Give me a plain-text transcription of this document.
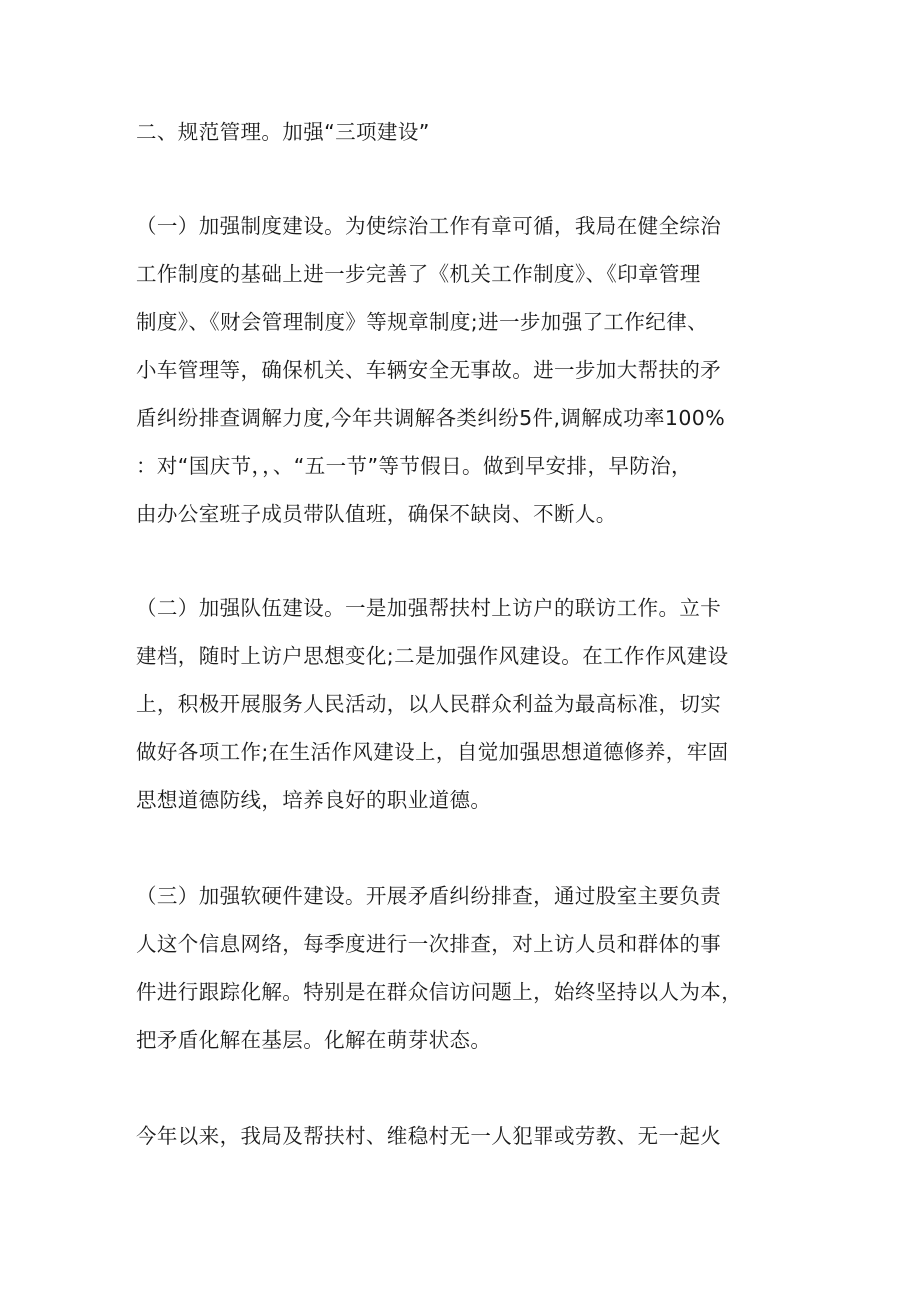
二、规范管理。加强“三项建设”
（一）加强制度建设。为使综治工作有章可循，我局在健全综治
工作制度的基础上进一步完善了《机关工作制度》、《印章管理
制度》、《财会管理制度》等规章制度;进一步加强了工作纪律、
小车管理等，确保机关、车辆安全无事故。进一步加大帮扶的矛
盾纠纷排查调解力度,今年共调解各类纠纷5件,调解成功率100%
：对“国庆节，，、“五一节”等节假日。做到早安排，早防治，
由办公室班子成员带队值班，确保不缺岗、不断人。
（二）加强队伍建设。一是加强帮扶村上访户的联访工作。立卡
建档，随时上访户思想变化;二是加强作风建设。在工作作风建设
上，积极开展服务人民活动，以人民群众利益为最高标准，切实
做好各项工作;在生活作风建设上，自觉加强思想道德修养，牢固
思想道德防线，培养良好的职业道德。
（三）加强软硬件建设。开展矛盾纠纷排查，通过股室主要负责
人这个信息网络，每季度进行一次排查，对上访人员和群体的事
件进行跟踪化解。特别是在群众信访问题上，始终坚持以人为本，
把矛盾化解在基层。化解在萌芽状态。
今年以来，我局及帮扶村、维稳村无一人犯罪或劳教、无一起火
